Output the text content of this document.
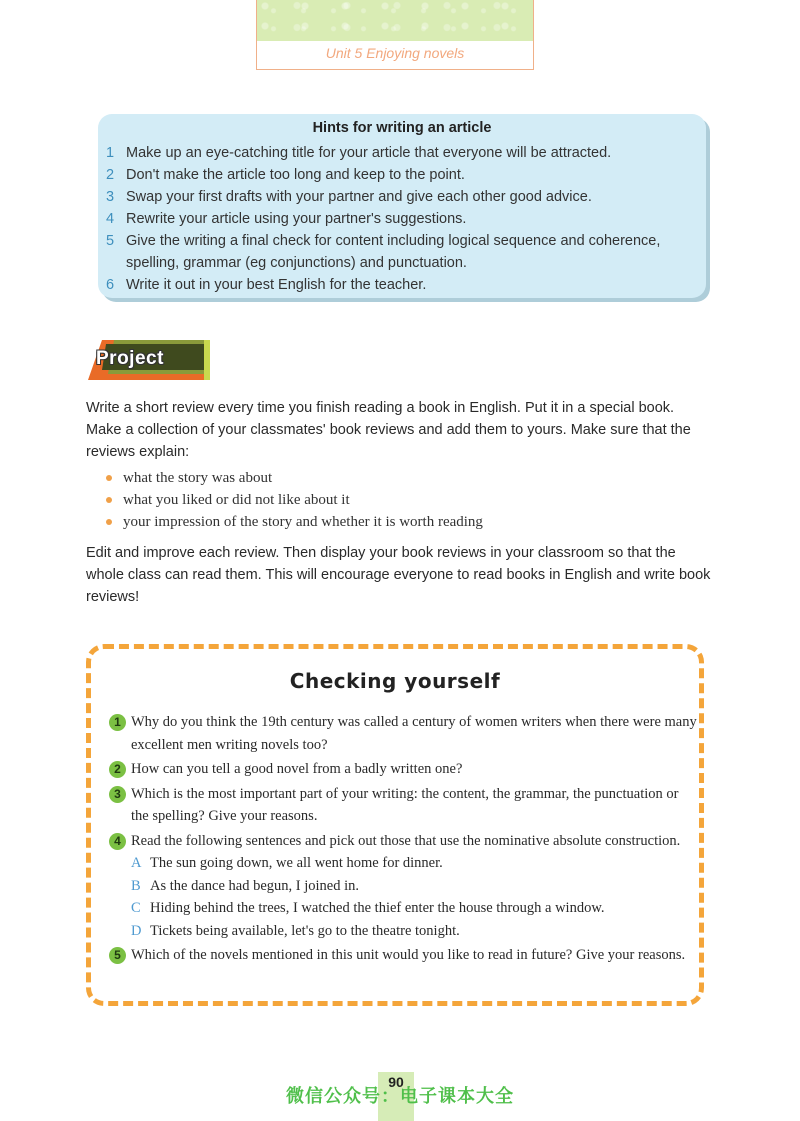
Unit 5 Enjoying novels
Hints for writing an article
1 Make up an eye-catching title for your article that everyone will be attracted.
2 Don't make the article too long and keep to the point.
3 Swap your first drafts with your partner and give each other good advice.
4 Rewrite your article using your partner's suggestions.
5 Give the writing a final check for content including logical sequence and coherence, spelling, grammar (eg conjunctions) and punctuation.
6 Write it out in your best English for the teacher.
Project

Write a short review every time you finish reading a book in English. Put it in a special book. Make a collection of your classmates' book reviews and add them to yours. Make sure that the reviews explain:

what the story was about
what you liked or did not like about it
your impression of the story and whether it is worth reading

Edit and improve each review. Then display your book reviews in your classroom so that the whole class can read them. This will encourage everyone to read books in English and write book reviews!

Checking yourself
1 Why do you think the 19th century was called a century of women writers when there were many excellent men writing novels too?
2 How can you tell a good novel from a badly written one?
3 Which is the most important part of your writing: the content, the grammar, the punctuation or the spelling? Give your reasons.
4 Read the following sentences and pick out those that use the nominative absolute construction.
A The sun going down, we all went home for dinner.
B As the dance had begun, I joined in.
C Hiding behind the trees, I watched the thief enter the house through a window.
D Tickets being available, let's go to the theatre tonight.
5 Which of the novels mentioned in this unit would you like to read in future? Give your reasons.
90
微信公众号：电子课本大全
